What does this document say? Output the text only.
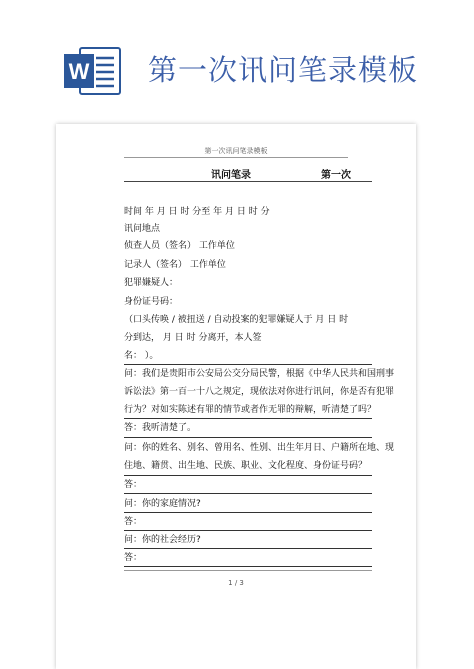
W 第一次讯问笔录模板
第一次讯问笔录模板
讯问笔录	第一次
时间 年 月 日 时 分至 年 月 日 时 分
讯问地点
侦查人员（签名） 工作单位
记录人（签名） 工作单位
犯罪嫌疑人：
身份证号码：
（口头传唤 / 被扭送 / 自动投案的犯罪嫌疑人于 月 日 时
分到达， 月 日 时 分离开，本人签
名： ）。
问：我们是贵阳市公安局公交分局民警，根据《中华人民共和国刑事
诉讼法》第一百一十八之规定，现依法对你进行讯问，你是否有犯罪
行为？对如实陈述有罪的情节或者作无罪的辩解，听清楚了吗？
答：我听清楚了。
问：你的姓名、别名、曾用名、性别、出生年月日、户籍所在地、现
住地、籍贯、出生地、民族、职业、文化程度、身份证号码？
答：
问：你的家庭情况?
答：
问：你的社会经历?
答：
1 / 3
